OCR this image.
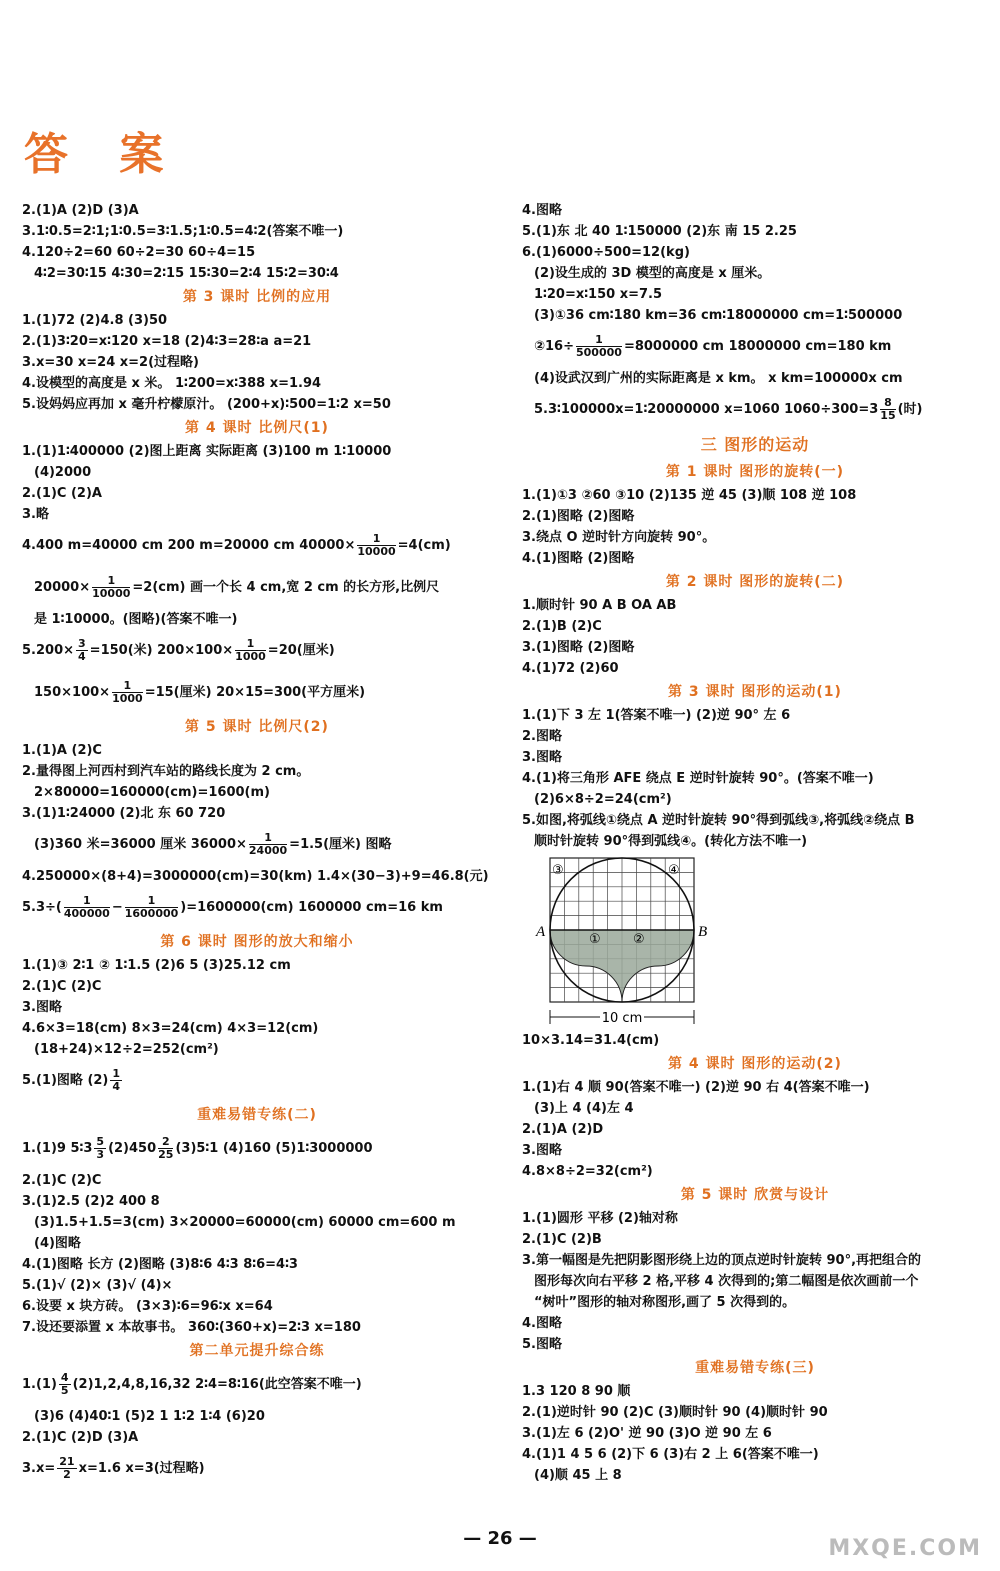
答 案
2.(1)A (2)D (3)A
3.1∶0.5=2∶1;1∶0.5=3∶1.5;1∶0.5=4∶2(答案不唯一)
4.120÷2=60 60÷2=30 60÷4=15
4∶2=30∶15 4∶30=2∶15 15∶30=2∶4 15∶2=30∶4
第 3 课时 比例的应用
1.(1)72 (2)4.8 (3)50
2.(1)3∶20=x∶120 x=18 (2)4∶3=28∶a a=21
3.x=30 x=24 x=2(过程略)
4.设模型的高度是 x 米。 1∶200=x∶388 x=1.94
5.设妈妈应再加 x 毫升柠檬原汁。 (200+x)∶500=1∶2 x=50
第 4 课时 比例尺(1)
1.(1)1∶400000 (2)图上距离 实际距离 (3)100 m 1∶10000
(4)2000
2.(1)C (2)A
3.略
4.400 m=40000 cm 200 m=20000 cm $40000\times \frac{1}{10000} =4(cm)$
$20000\times \frac{1}{10000} =2(cm)$ 画一个长 4 cm,宽 2 cm 的长方形,比例尺
是 1∶10000。(图略)(答案不唯一)
$5.200\times \frac{3}{4} =150$(米) $200\times 100\times \frac{1}{1000} =20$(厘米)
$150\times 100\times \frac{1}{1000} =15$(厘米) 20×15=300(平方厘米)
第 5 课时 比例尺(2)
1.(1)A (2)C
2.量得图上河西村到汽车站的路线长度为 2 cm。
2×80000=160000(cm)=1600(m)
3.(1)1∶24000 (2)北 东 60 720
(3)360 米=36000 厘米 $36000\times \frac{1}{24000} =1.5$(厘米) 图略
4.250000×(8+4)=3000000(cm)=30(km) 1.4×(30−3)+9=46.8(元)
$5.3\div( \frac{1}{400000} - \frac{1}{1600000} )=1600000(cm)$ 1600000 cm=16 km
第 6 课时 图形的放大和缩小
1.(1)③ 2∶1 ② 1∶1.5 (2)6 5 (3)25.12 cm
2.(1)C (2)C
3.图略
4.6×3=18(cm) 8×3=24(cm) 4×3=12(cm)
(18+24)×12÷2=252(cm²)
5.(1)图略 $(2) \frac{1}{4}$
重难易错专练(二)
1.(1)9 5∶3 $\frac{5}{3} (2)450 \frac{2}{25}$ (3)5∶1 (4)160 (5)1∶3000000
2.(1)C (2)C
3.(1)2.5 (2)2 400 8
(3)1.5+1.5=3(cm) 3×20000=60000(cm) 60000 cm=600 m
(4)图略
4.(1)图略 长方 (2)图略 (3)8∶6 4∶3 8∶6=4∶3
5.(1)√ (2)× (3)√ (4)×
6.设要 x 块方砖。 (3×3)∶6=96∶x x=64
7.设还要添置 x 本故事书。 360∶(360+x)=2∶3 x=180
第二单元提升综合练
$1.(1) \frac{4}{5} (2)1,2,4,8,16,32$ 2∶4=8∶16(此空答案不唯一)
(3)6 (4)40∶1 (5)2 1 1∶2 1∶4 (6)20
2.(1)C (2)D (3)A
$3.x= \frac{21}{2} x=1.6$ x=3(过程略)
4.图略
5.(1)东 北 40 1∶150000 (2)东 南 15 2.25
6.(1)6000÷500=12(kg)
(2)设生成的 3D 模型的高度是 x 厘米。
1∶20=x∶150 x=7.5
(3)①36 cm∶180 km=36 cm∶18000000 cm=1∶500000
②16÷ $\frac{1}{500000} =8000000$ cm 18000000 cm=180 km
(4)设武汉到广州的实际距离是 x km。 x km=100000x cm
5.3∶100000x=1∶20000000 x=1060 $1060\div 300=3 \frac{8}{15}$ (时)
三 图形的运动
第 1 课时 图形的旋转(一)
1.(1)①3 ②60 ③10 (2)135 逆 45 (3)顺 108 逆 108
2.(1)图略 (2)图略
3.绕点 O 逆时针方向旋转 90°。
4.(1)图略 (2)图略
第 2 课时 图形的旋转(二)
1.顺时针 90 A B OA AB
2.(1)B (2)C
3.(1)图略 (2)图略
4.(1)72 (2)60
第 3 课时 图形的运动(1)
1.(1)下 3 左 1(答案不唯一) (2)逆 90° 左 6
2.图略
3.图略
4.(1)将三角形 AFE 绕点 E 逆时针旋转 90°。(答案不唯一)
(2)6×8÷2=24(cm²)
5.如图,将弧线①绕点 A 逆时针旋转 90°得到弧线③,将弧线②绕点 B
顺时针旋转 90°得到弧线④。(转化方法不唯一)
A	B
① ②
③	④
10 cm
10×3.14=31.4(cm)
第 4 课时 图形的运动(2)
1.(1)右 4 顺 90(答案不唯一) (2)逆 90 右 4(答案不唯一)
(3)上 4 (4)左 4
2.(1)A (2)D
3.图略
4.8×8÷2=32(cm²)
第 5 课时 欣赏与设计
1.(1)圆形 平移 (2)轴对称
2.(1)C (2)B
3.第一幅图是先把阴影图形绕上边的顶点逆时针旋转 90°,再把组合的
图形每次向右平移 2 格,平移 4 次得到的;第二幅图是依次画前一个
“树叶”图形的轴对称图形,画了 5 次得到的。
4.图略
5.图略
重难易错专练(三)
1.3 120 8 90 顺
2.(1)逆时针 90 (2)C (3)顺时针 90 (4)顺时针 90
3.(1)左 6 (2)O' 逆 90 (3)O 逆 90 左 6
4.(1)1 4 5 6 (2)下 6 (3)右 2 上 6(答案不唯一)
(4)顺 45 上 8
— 26 —	MXQE.COM
